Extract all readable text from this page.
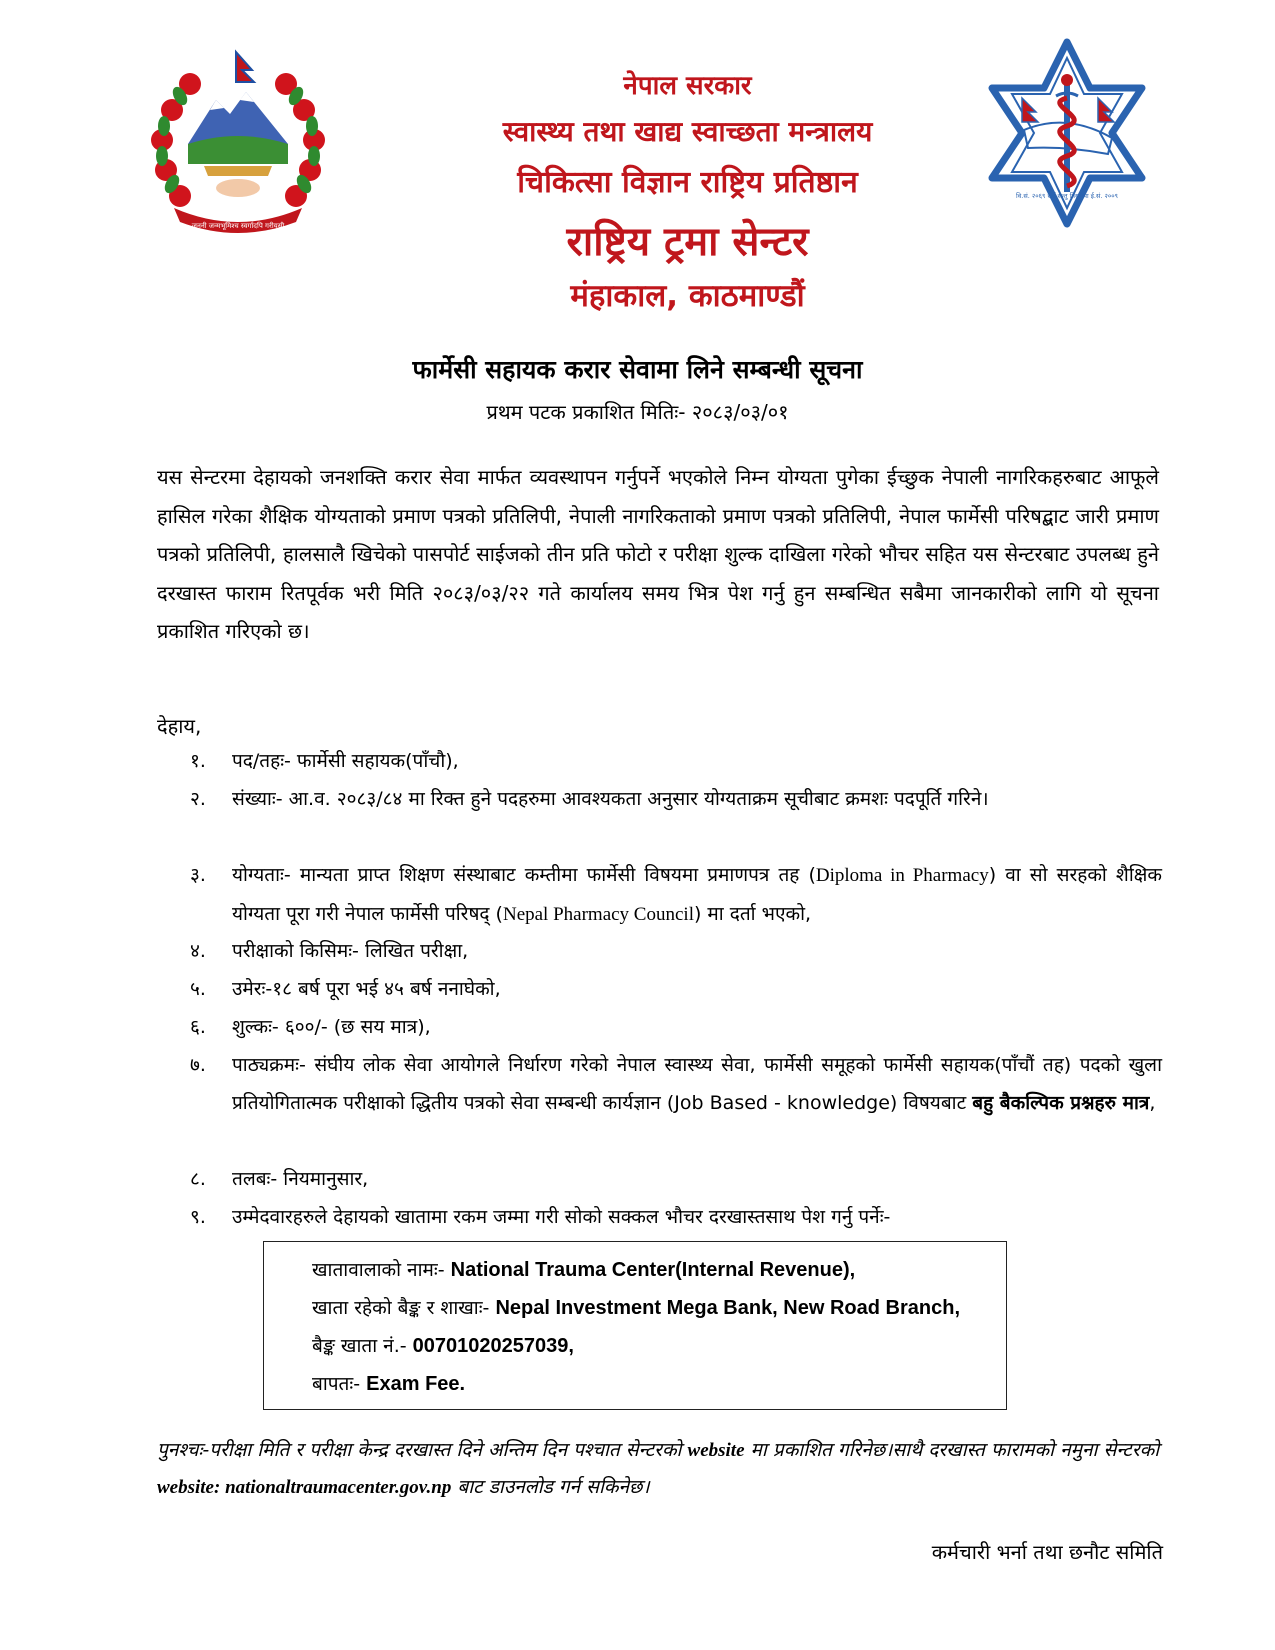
जननी जन्मभूमिश्च स्वर्गादपि गरीयसी
वि.सं. २०६९ सर्वे सन्तु निरामया ई.सं. २००९
नेपाल सरकार
स्वास्थ्य तथा खाद्य स्वाच्छता मन्त्रालय
चिकित्सा विज्ञान राष्ट्रिय प्रतिष्ठान
राष्ट्रिय ट्रमा सेन्टर
मंहाकाल, काठमाण्डौं
फार्मेसी सहायक करार सेवामा लिने सम्बन्धी सूचना
प्रथम पटक प्रकाशित मितिः- २०८३/०३/०१
यस सेन्टरमा देहायको जनशक्ति करार सेवा मार्फत व्यवस्थापन गर्नुपर्ने भएकोले निम्न योग्यता पुगेका ईच्छुक नेपाली नागरिकहरुबाट आफूले हासिल गरेका शैक्षिक योग्यताको प्रमाण पत्रको प्रतिलिपी, नेपाली नागरिकताको प्रमाण पत्रको प्रतिलिपी, नेपाल फार्मेसी परिषद्बाट जारी प्रमाण पत्रको प्रतिलिपी, हालसालै खिचेको पासपोर्ट साईजको तीन प्रति फोटो र परीक्षा शुल्क दाखिला गरेको भौचर सहित यस सेन्टरबाट उपलब्ध हुने दरखास्त फाराम रितपूर्वक भरी मिति २०८३/०३/२२ गते कार्यालय समय भित्र पेश गर्नु हुन सम्बन्धित सबैमा जानकारीको लागि यो सूचना प्रकाशित गरिएको छ।
देहाय,
१.	पद/तहः- फार्मेसी सहायक(पाँचौ),
२.	संख्याः- आ.व. २०८३/८४ मा रिक्त हुने पदहरुमा आवश्यकता अनुसार योग्यताक्रम सूचीबाट क्रमशः पदपूर्ति गरिने।
३.	योग्यताः- मान्यता प्राप्त शिक्षण संस्थाबाट कम्तीमा फार्मेसी विषयमा प्रमाणपत्र तह (Diploma in Pharmacy) वा सो सरहको शैक्षिक योग्यता पूरा गरी नेपाल फार्मेसी परिषद् (Nepal Pharmacy Council) मा दर्ता भएको,
४.	परीक्षाको किसिमः- लिखित परीक्षा,
५.	उमेरः-१८ बर्ष पूरा भई ४५ बर्ष ननाघेको,
६.	शुल्कः- ६००/- (छ सय मात्र),
७.	पाठ्यक्रमः- संघीय लोक सेवा आयोगले निर्धारण गरेको नेपाल स्वास्थ्य सेवा, फार्मेसी समूहको फार्मेसी सहायक(पाँचौं तह) पदको खुला प्रतियोगितात्मक परीक्षाको द्धितीय पत्रको सेवा सम्बन्धी कार्यज्ञान (Job Based - knowledge) विषयबाट बहु बैकल्पिक प्रश्नहरु मात्र,
८.	तलबः- नियमानुसार,
९.	उम्मेदवारहरुले देहायको खातामा रकम जम्मा गरी सोको सक्कल भौचर दरखास्तसाथ पेश गर्नु पर्नेः-
खातावालाको नामः- National Trauma Center(Internal Revenue),
खाता रहेको बैङ्क र शाखाः- Nepal Investment Mega Bank, New Road Branch,
बैङ्क खाता नं.- 00701020257039,
बापतः- Exam Fee.
पुनश्चः-परीक्षा मिति र परीक्षा केन्द्र दरखास्त दिने अन्तिम दिन पश्चात सेन्टरको website मा प्रकाशित गरिनेछ।साथै दरखास्त फारामको नमुना सेन्टरको website: nationaltraumacenter.gov.np बाट डाउनलोड गर्न सकिनेछ।
कर्मचारी भर्ना तथा छनौट समिति
